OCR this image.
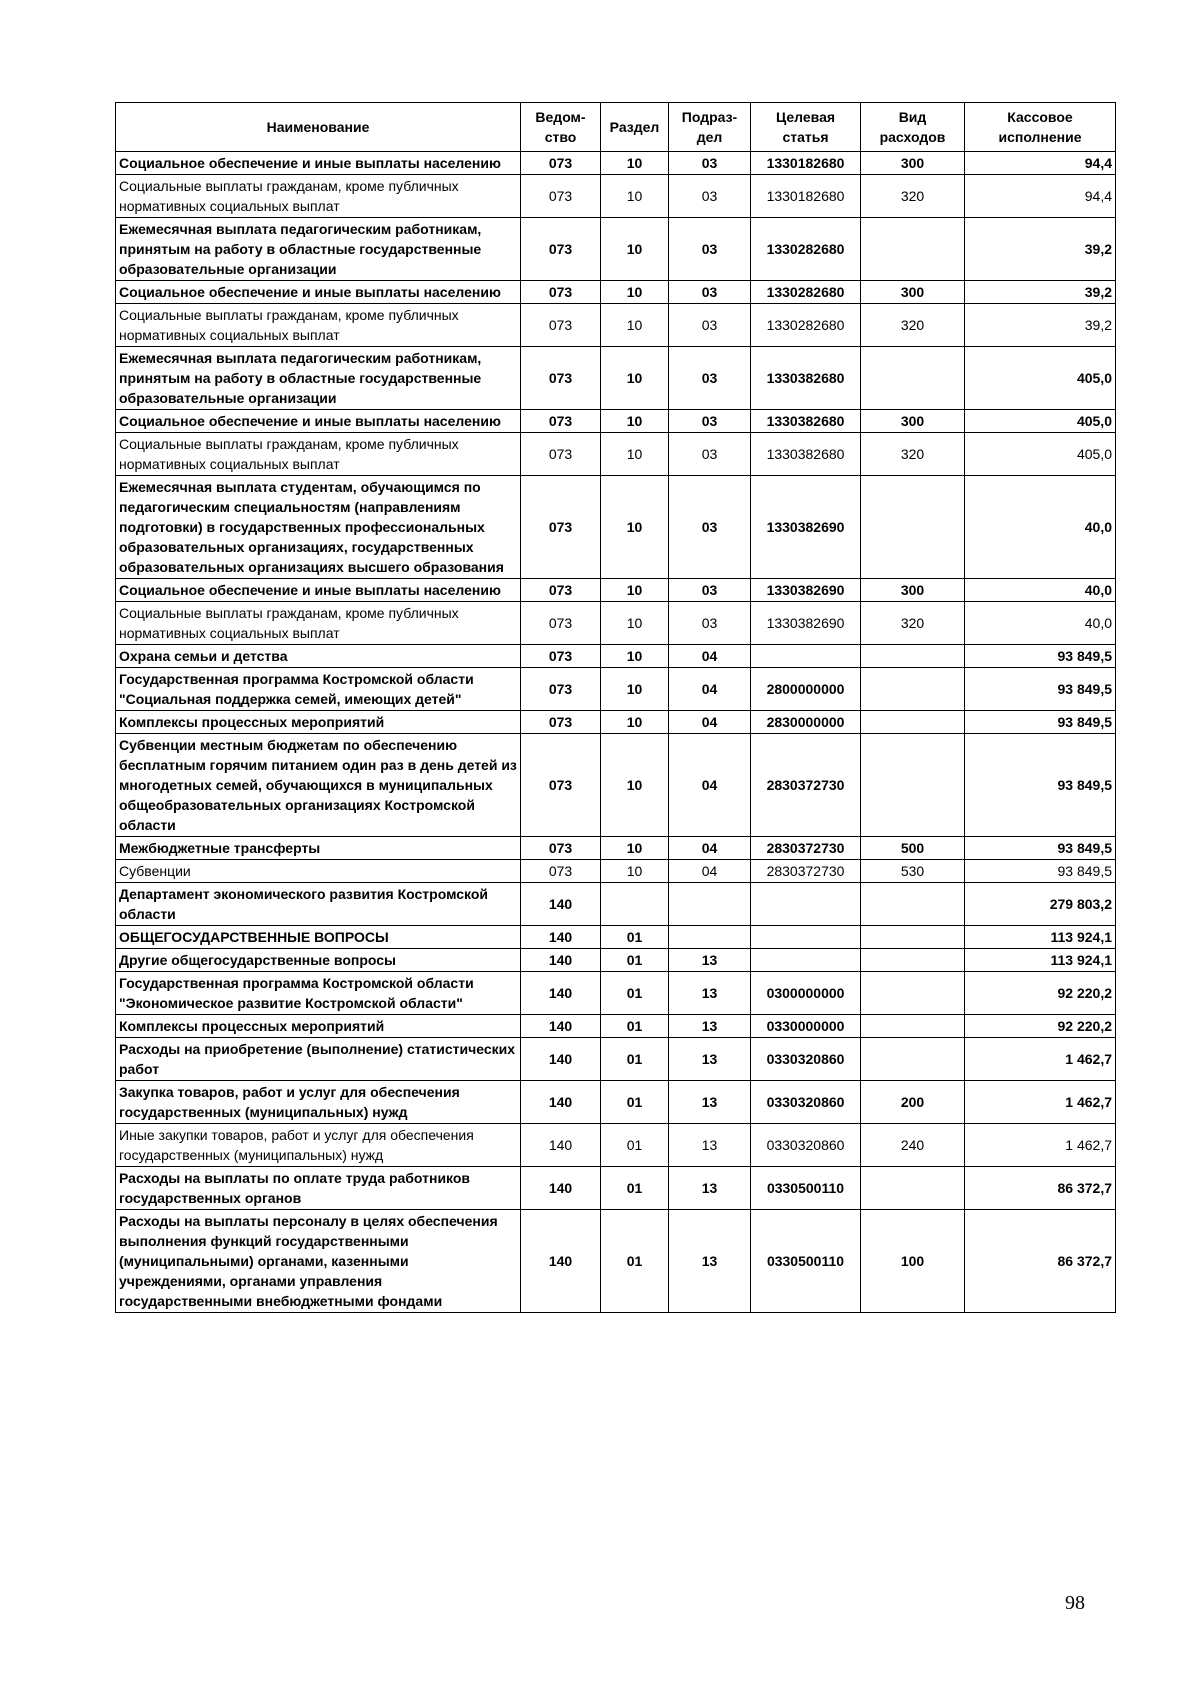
Наименование	Ведом-ство	Раздел	Подраз-дел	Целевая статья	Вид расходов	Кассовое исполнение
Социальное обеспечение и иные выплаты населению	073	10	03	1330182680	300	94,4
Социальные выплаты гражданам, кроме публичных нормативных социальных выплат	073	10	03	1330182680	320	94,4
Ежемесячная выплата педагогическим работникам, принятым на работу в областные государственные образовательные организации	073	10	03	1330282680		39,2
Социальное обеспечение и иные выплаты населению	073	10	03	1330282680	300	39,2
Социальные выплаты гражданам, кроме публичных нормативных социальных выплат	073	10	03	1330282680	320	39,2
Ежемесячная выплата педагогическим работникам, принятым на работу в областные государственные образовательные организации	073	10	03	1330382680		405,0
Социальное обеспечение и иные выплаты населению	073	10	03	1330382680	300	405,0
Социальные выплаты гражданам, кроме публичных нормативных социальных выплат	073	10	03	1330382680	320	405,0
Ежемесячная выплата студентам, обучающимся по педагогическим специальностям (направлениям подготовки) в государственных профессиональных образовательных организациях, государственных образовательных организациях высшего образования	073	10	03	1330382690		40,0
Социальное обеспечение и иные выплаты населению	073	10	03	1330382690	300	40,0
Социальные выплаты гражданам, кроме публичных нормативных социальных выплат	073	10	03	1330382690	320	40,0
Охрана семьи и детства	073	10	04			93 849,5
Государственная программа Костромской области "Социальная поддержка семей, имеющих детей"	073	10	04	2800000000		93 849,5
Комплексы процессных мероприятий	073	10	04	2830000000		93 849,5
Субвенции местным бюджетам по обеспечению бесплатным горячим питанием один раз в день детей из многодетных семей, обучающихся в муниципальных общеобразовательных организациях Костромской области	073	10	04	2830372730		93 849,5
Межбюджетные трансферты	073	10	04	2830372730	500	93 849,5
Субвенции	073	10	04	2830372730	530	93 849,5
Департамент экономического развития Костромской области	140					279 803,2
ОБЩЕГОСУДАРСТВЕННЫЕ ВОПРОСЫ	140	01				113 924,1
Другие общегосударственные вопросы	140	01	13			113 924,1
Государственная программа Костромской области "Экономическое развитие Костромской области"	140	01	13	0300000000		92 220,2
Комплексы процессных мероприятий	140	01	13	0330000000		92 220,2
Расходы на приобретение (выполнение) статистических работ	140	01	13	0330320860		1 462,7
Закупка товаров, работ и услуг для обеспечения государственных (муниципальных) нужд	140	01	13	0330320860	200	1 462,7
Иные закупки товаров, работ и услуг для обеспечения государственных (муниципальных) нужд	140	01	13	0330320860	240	1 462,7
Расходы на выплаты по оплате труда работников государственных органов	140	01	13	0330500110		86 372,7
Расходы на выплаты персоналу в целях обеспечения выполнения функций государственными (муниципальными) органами, казенными учреждениями, органами управления государственными внебюджетными фондами	140	01	13	0330500110	100	86 372,7
98
